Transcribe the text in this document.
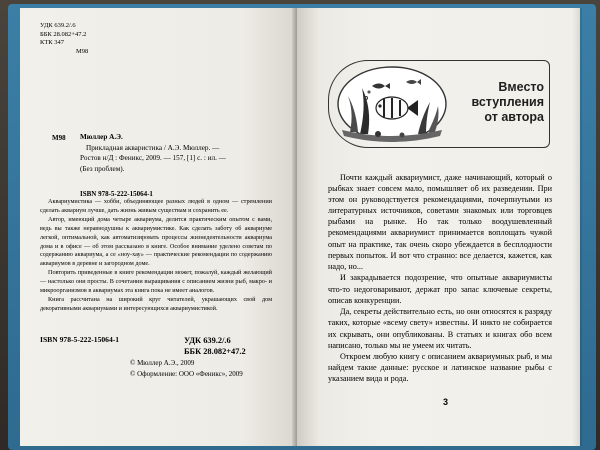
УДК 639.2/.6
ББК 28.082+47.2
КТК 347
М98
М98 Мюллер А.Э.

Прикладная акваристика / А.Э. Мюллер. —

Ростов н/Д : Феникс, 2009. — 157, [1] с. : ил. —
(Без проблем).
ISBN 978-5-222-15064-1

Аквариумистика — хобби, объединяющее разных людей в одном — стремлении сделать аквариум лучше, дать жизнь живым существам и сохранить ее.

Автор, имеющий дома четыре аквариума, делится практическим опытом с вами, ведь вы также неравнодушны к аквариумистике. Как сделать заботу об аквариуме легкой, оптимальной, как автоматизировать процессы жизнедеятельности аквариума дома и в офисе — об этом рассказано в книге. Особое внимание уделено советам по содержанию аквариума, а се «ноу-хау» — практические рекомендации по содержанию аквариумов в деревне и загородном доме.

Повторить приведенные в книге рекомендации может, пожалуй, каждый желающий — настолько они просты. В сочетании выращивания с описанием жизни рыб, макро- и микроорганизмов в аквариумах эта книга пока не имеет аналогов.

Книга рассчитана на широкий круг читателей, украшающих свой дом декоративными аквариумами и интересующихся аквариумистикой.

ISBN 978-5-222-15064-1	УДК 639.2/.6
ББК 28.082+47.2
© Мюллер А.Э., 2009
© Оформление: ООО «Феникс», 2009
Вместо
вступления
от автора

Почти каждый аквариумист, даже начинающий, который о рыбках знает совсем мало, помышляет об их разведении. При этом он руководствуется рекомендациями, почерпнутыми из литературных источников, советами знакомых или торговцев рыбами на рынке. Но так только воодушевленный рекомендациями аквариумист принимается воплощать чужой опыт на практике, так очень скоро убеждается в бесплодности первых попыток. И вот что странно: все делается, кажется, как надо, но...

И закрадывается подозрение, что опытные аквариумисты что-то недоговаривают, держат про запас ключевые секреты, описав конкуренции.

Да, секреты действительно есть, но они относятся к разряду таких, которые «всему свету» известны. И никто не собирается их скрывать, они опубликованы. В статьях и книгах обо всем написано, только мы не умеем их читать.

Откроем любую книгу с описанием аквариумных рыб, и мы найдем такие данные: русское и латинское название рыбы с указанием вида и рода.

3
